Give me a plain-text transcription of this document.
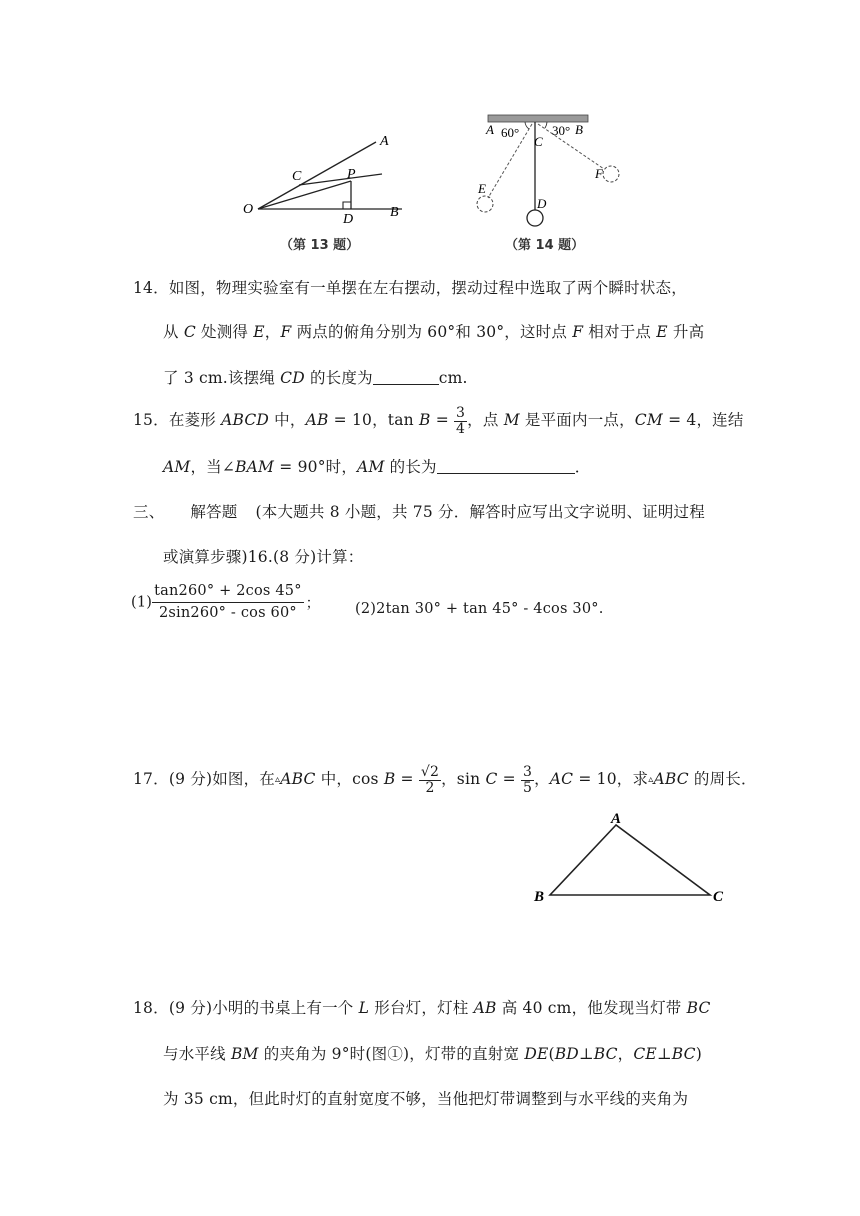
A
C	P
O
D	B
（第 13 题）
A 60°
C
30° B
E
F
D
（第 14 题）
14．如图，物理实验室有一单摆在左右摆动，摆动过程中选取了两个瞬时状态，
从 C 处测得 E，F 两点的俯角分别为 60°和 30°，这时点 F 相对于点 E 升高
了 3 cm.该摆绳 CD 的长度为	cm.
15．在菱形 ABCD 中，AB = 10，$\tan B = \frac{3}{4}$ ，点 M 是平面内一点，CM = 4，连结
AM，当∠BAM = 90°时，AM 的长为	．
三、 解答题 (本大题共 8 小题，共 75 分．解答时应写出文字说明、证明过程
或演算步骤)16.(8 分)计算：
$(1) \frac{\tan 260^\circ + 2\cos 45^\circ}{2\sin 260^\circ - \cos 60^\circ}$ ； (2)2tan 30° + tan 45° - 4cos 30°.
17．(9 分)如图，在▵ABC 中，$\cos B = \frac{√2}{2}$ ，$\sin C = \frac{3}{5}$ ，AC = 10，求▵ABC 的周长．
A
B	C
18．(9 分)小明的书桌上有一个 L 形台灯，灯柱 AB 高 40 cm，他发现当灯带 BC
与水平线 BM 的夹角为 9°时(图①)，灯带的直射宽 DE(BD⊥BC，CE⊥BC)
为 35 cm，但此时灯的直射宽度不够，当他把灯带调整到与水平线的夹角为
